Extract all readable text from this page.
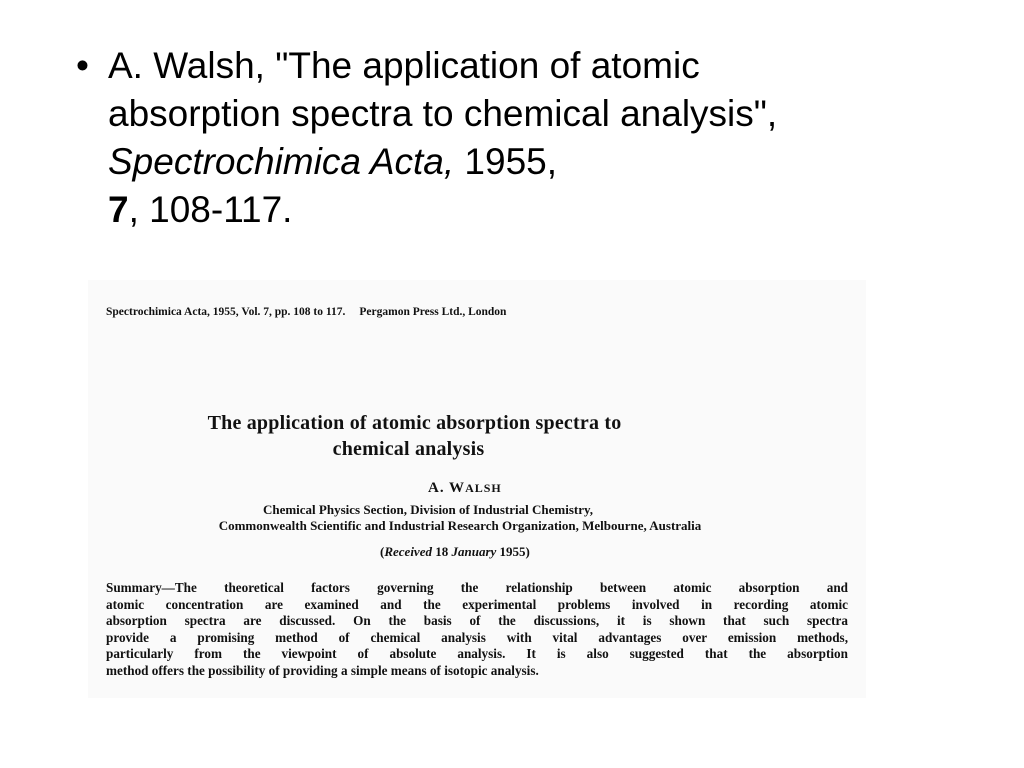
• A. Walsh, "The application of atomic absorption spectra to chemical analysis", Spectrochimica Acta, 1955,
7, 108-117.
Spectrochimica Acta, 1955, Vol. 7, pp. 108 to 117. Pergamon Press Ltd., London
The application of atomic absorption spectra to
chemical analysis
A. WALSH
Chemical Physics Section, Division of Industrial Chemistry,
Commonwealth Scientific and Industrial Research Organization, Melbourne, Australia
(Received 18 January 1955)
Summary—The theoretical factors governing the relationship between atomic absorption and
atomic concentration are examined and the experimental problems involved in recording atomic
absorption spectra are discussed. On the basis of the discussions, it is shown that such spectra
provide a promising method of chemical analysis with vital advantages over emission methods,
particularly from the viewpoint of absolute analysis. It is also suggested that the absorption
method offers the possibility of providing a simple means of isotopic analysis.
